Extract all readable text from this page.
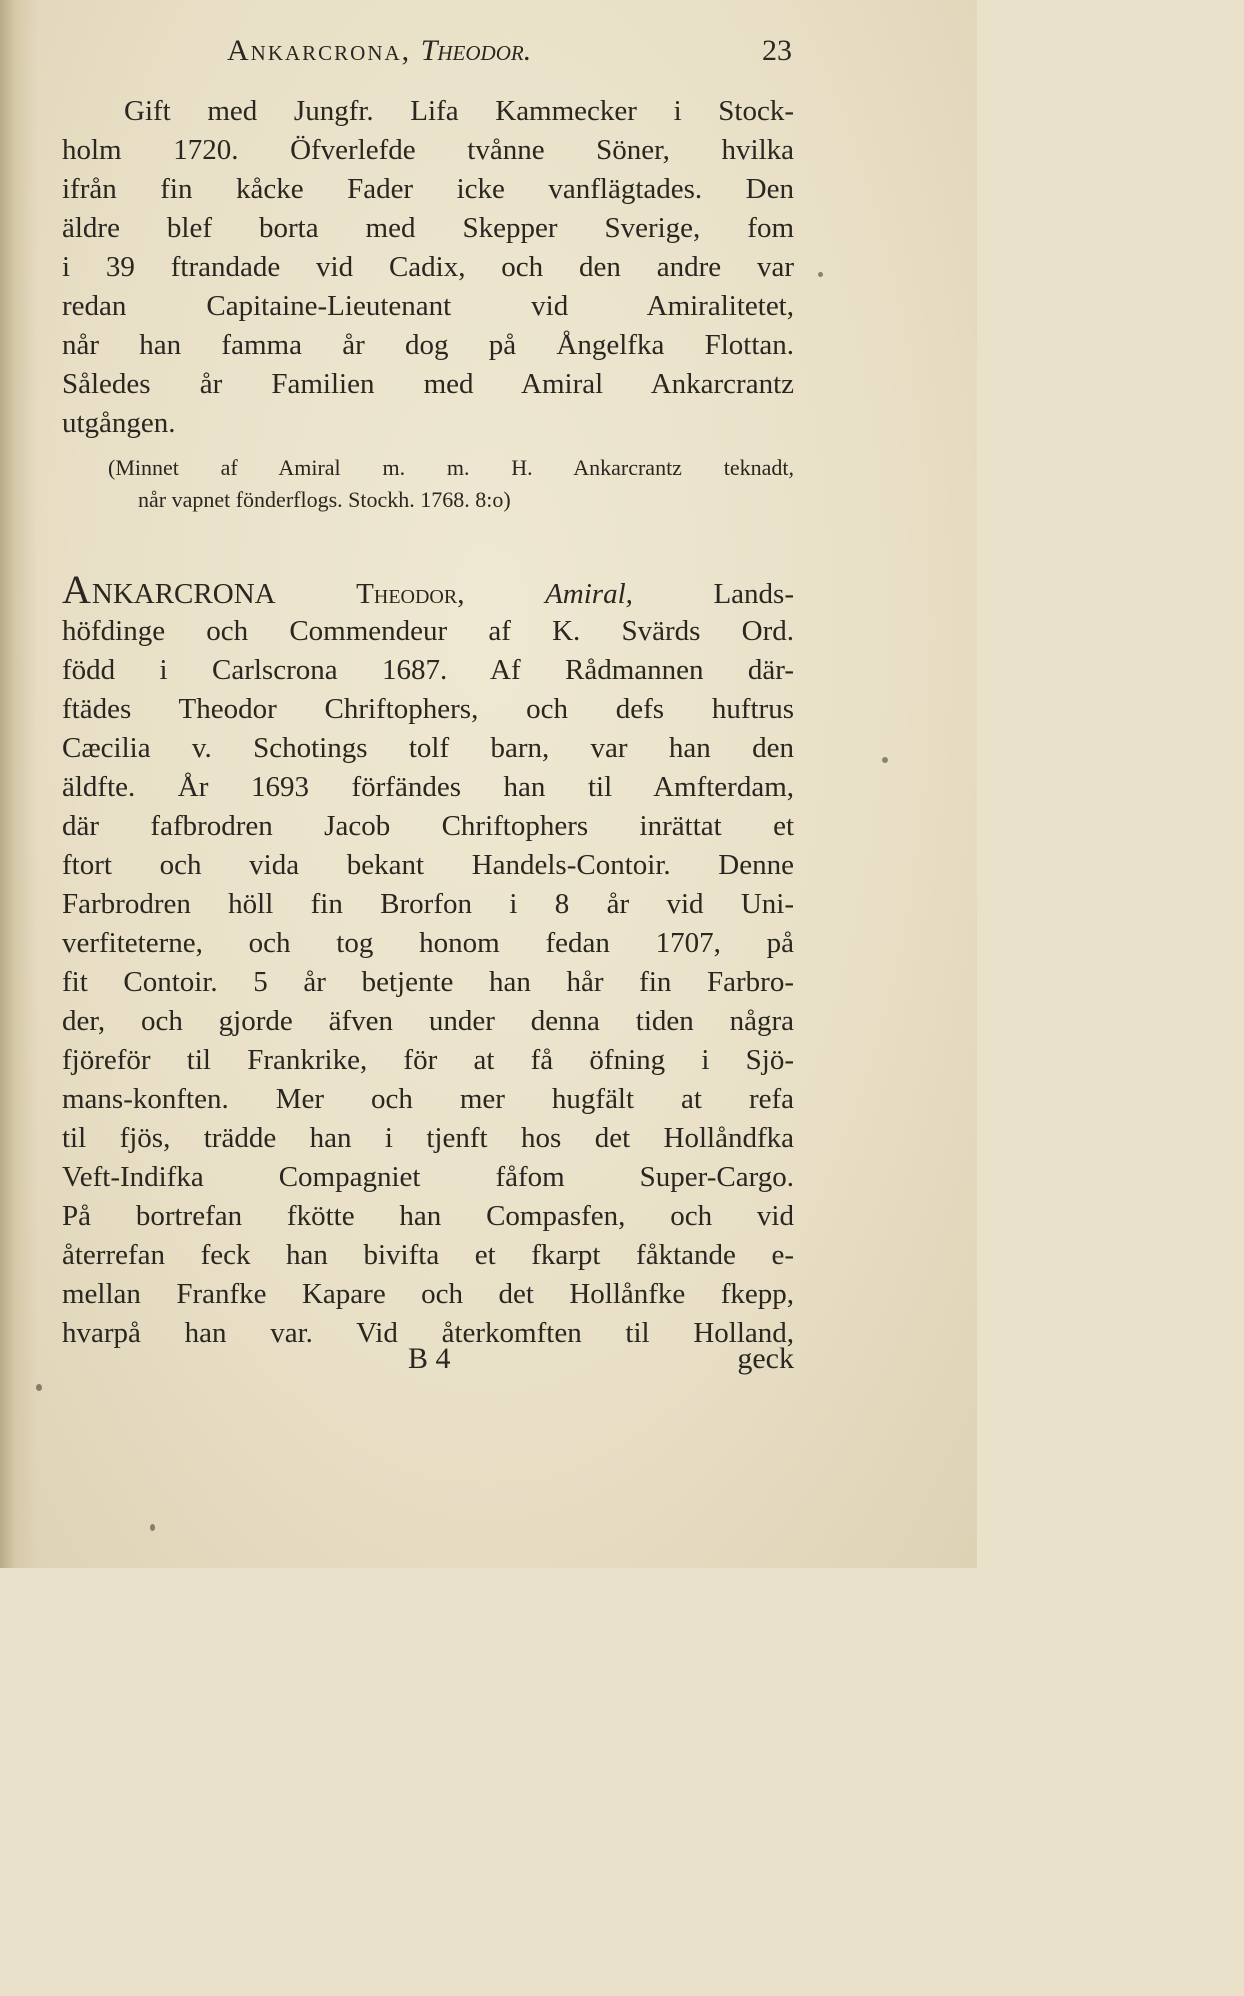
Ankarcrona, Theodor.	23
Gift med Jungfr. Lifa Kammecker i Stock-
holm 1720. Öfverlefde tvånne Söner, hvilka
ifrån fin kåcke Fader icke vanflägtades. Den
äldre blef borta med Skepper Sverige, fom
i 39 ftrandade vid Cadix, och den andre var
redan Capitaine-Lieutenant vid Amiralitetet,
når han famma år dog på Ångelfka Flottan.
Således år Familien med Amiral Ankarcrantz
utgången.
(Minnet af Amiral m. m. H. Ankarcrantz teknadt,
når vapnet fönderflogs. Stockh. 1768. 8:o)
ANKARCRONA	Theodor,	Amiral,	Lands-
höfdinge och Commendeur af K. Svärds Ord.
född i Carlscrona 1687. Af Rådmannen där-
ftädes Theodor Chriftophers, och defs huftrus
Cæcilia v. Schotings tolf barn, var han den
äldfte. År 1693 förfändes han til Amfterdam,
där fafbrodren Jacob Chriftophers inrättat et
ftort och vida bekant Handels-Contoir. Denne
Farbrodren höll fin Brorfon i 8 år vid Uni-
verfiteterne, och tog honom fedan 1707, på
fit Contoir. 5 år betjente han hår fin Farbro-
der, och gjorde äfven under denna tiden några
fjöreför til Frankrike, för at få öfning i Sjö-
mans-konften. Mer och mer hugfält at refa
til fjös, trädde han i tjenft hos det Hollåndfka
Veft-Indifka Compagniet fåfom Super-Cargo.
På bortrefan fköttе han Compasfen, och vid
återrefan feck han bivifta et fkarpt fåktande e-
mellan Franfke Kapare och det Hollånfke fkepp,
hvarpå han var. Vid återkomften til Holland,
B 4	geck
